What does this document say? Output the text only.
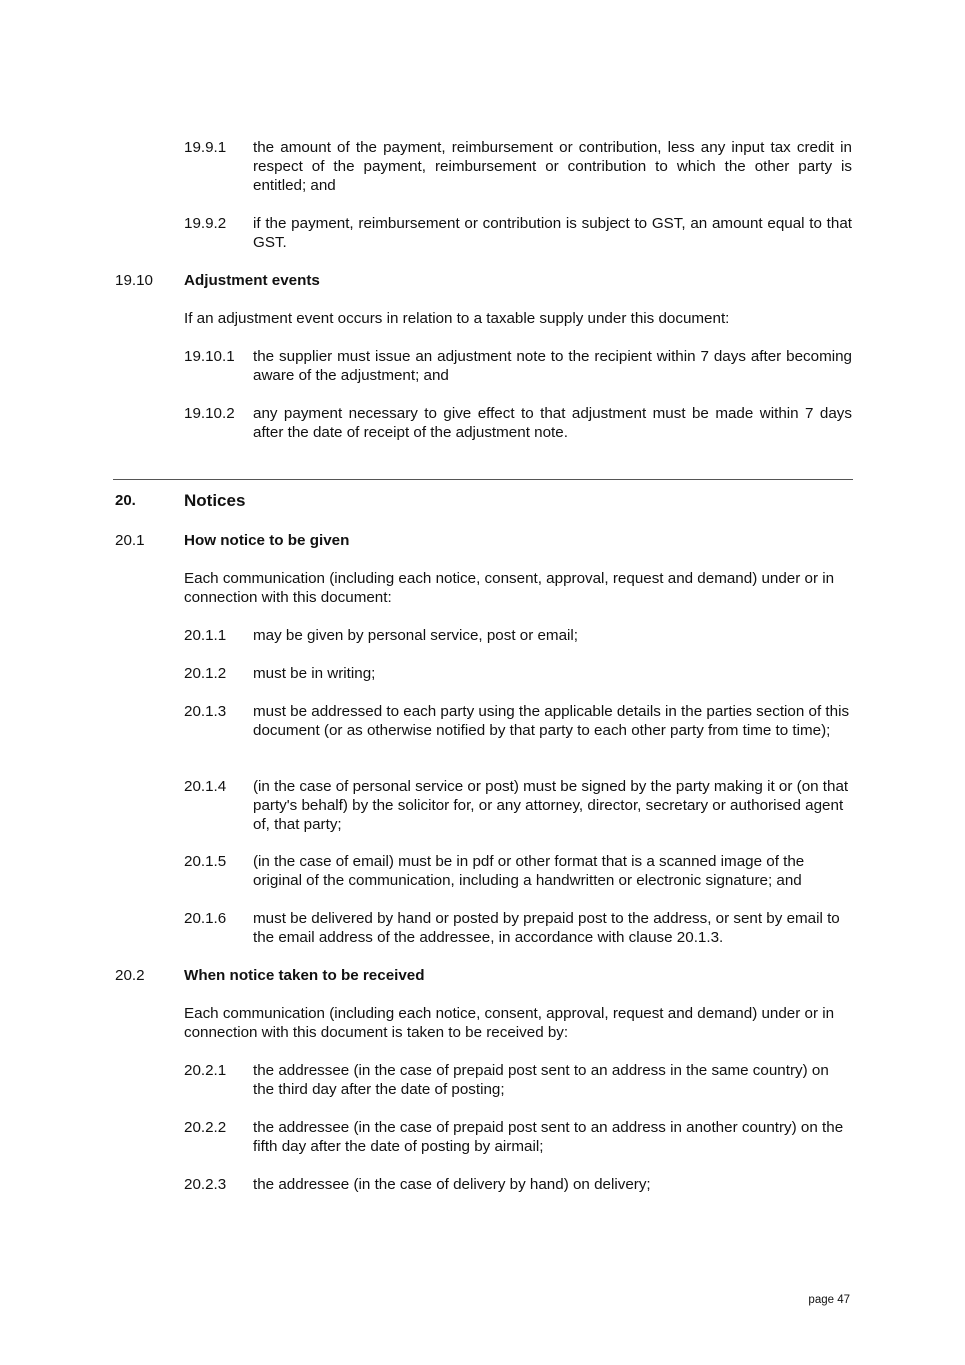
19.9.1	the amount of the payment, reimbursement or contribution, less any input tax credit in respect of the payment, reimbursement or contribution to which the other party is entitled; and
19.9.2	if the payment, reimbursement or contribution is subject to GST, an amount equal to that GST.
19.10	Adjustment events
If an adjustment event occurs in relation to a taxable supply under this document:
19.10.1	the supplier must issue an adjustment note to the recipient within 7 days after becoming aware of the adjustment; and
19.10.2	any payment necessary to give effect to that adjustment must be made within 7 days after the date of receipt of the adjustment note.
20.	Notices
20.1	How notice to be given
Each communication (including each notice, consent, approval, request and demand) under or in connection with this document:
20.1.1	may be given by personal service, post or email;
20.1.2	must be in writing;
20.1.3	must be addressed to each party using the applicable details in the parties section of this document (or as otherwise notified by that party to each other party from time to time);
20.1.4	(in the case of personal service or post) must be signed by the party making it or (on that party's behalf) by the solicitor for, or any attorney, director, secretary or authorised agent of, that party;
20.1.5	(in the case of email) must be in pdf or other format that is a scanned image of the original of the communication, including a handwritten or electronic signature; and
20.1.6	must be delivered by hand or posted by prepaid post to the address, or sent by email to the email address of the addressee, in accordance with clause 20.1.3.
20.2	When notice taken to be received
Each communication (including each notice, consent, approval, request and demand) under or in connection with this document is taken to be received by:
20.2.1	the addressee (in the case of prepaid post sent to an address in the same country) on the third day after the date of posting;
20.2.2	the addressee (in the case of prepaid post sent to an address in another country) on the fifth day after the date of posting by airmail;
20.2.3	the addressee (in the case of delivery by hand) on delivery;
page 47
